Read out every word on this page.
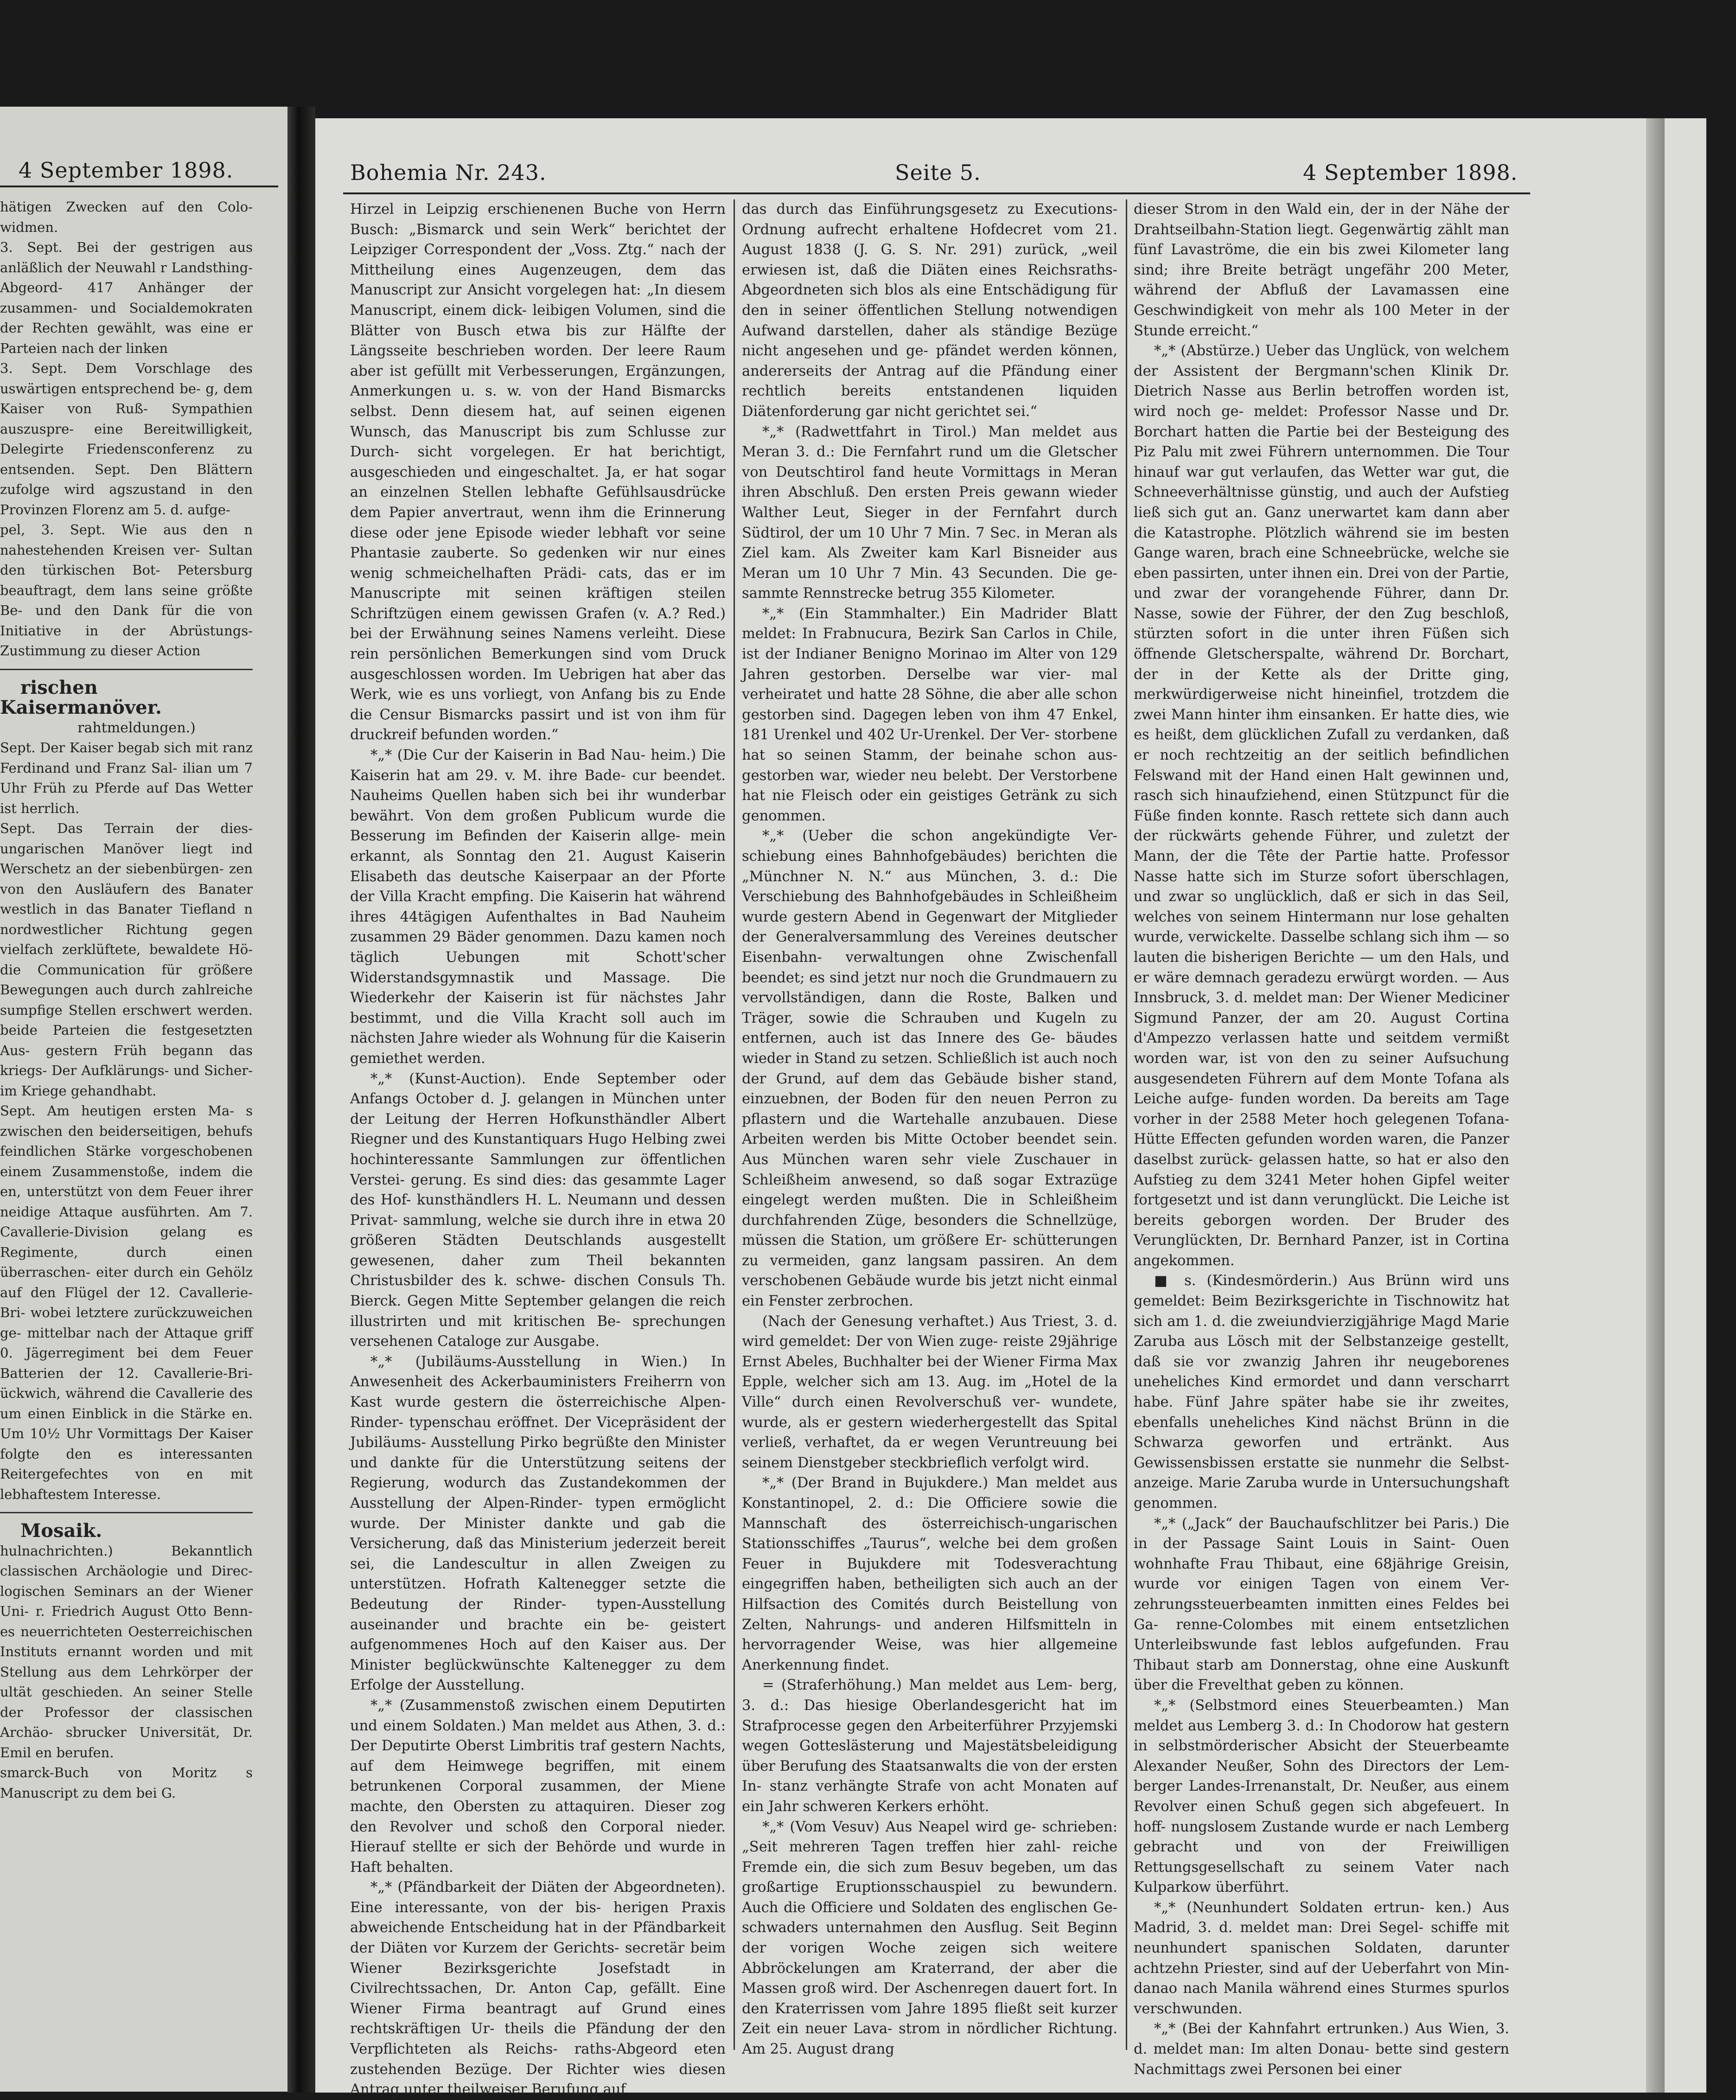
4 September 1898.

hätigen Zwecken auf den Colo- widmen.

3. Sept. Bei der gestrigen aus anläßlich der Neuwahl r Landsthing-Abgeord- 417 Anhänger der zusammen- und Socialdemokraten der Rechten gewählt, was eine er Parteien nach der linken

3. Sept. Dem Vorschlage des uswärtigen entsprechend be- g, dem Kaiser von Ruß- Sympathien auszuspre- eine Bereitwilligkeit, Delegirte Friedensconferenz zu entsenden. Sept. Den Blättern zufolge wird agszustand in den Provinzen Florenz am 5. d. aufge-

pel, 3. Sept. Wie aus den n nahestehenden Kreisen ver- Sultan den türkischen Bot- Petersburg beauftragt, dem lans seine größte Be- und den Dank für die von Initiative in der Abrüstungs- Zustimmung zu dieser Action

rischen Kaisermanöver.

rahtmeldungen.)

Sept. Der Kaiser begab sich mit ranz Ferdinand und Franz Sal- ilian um 7 Uhr Früh zu Pferde auf Das Wetter ist herrlich.

Sept. Das Terrain der dies- ungarischen Manöver liegt ind Werschetz an der siebenbürgen- zen von den Ausläufern des Banater westlich in das Banater Tiefland n nordwestlicher Richtung gegen vielfach zerklüftete, bewaldete Hö- die Communication für größere Bewegungen auch durch zahlreiche sumpfige Stellen erschwert werden. beide Parteien die festgesetzten Aus- gestern Früh begann das kriegs- Der Aufklärungs- und Sicher- im Kriege gehandhabt.

Sept. Am heutigen ersten Ma- s zwischen den beiderseitigen, behufs feindlichen Stärke vorgeschobenen einem Zusammenstoße, indem die en, unterstützt von dem Feuer ihrer neidige Attaque ausführten. Am 7. Cavallerie-Division gelang es Regimente, durch einen überraschen- eiter durch ein Gehölz auf den Flügel der 12. Cavallerie-Bri- wobei letztere zurückzuweichen ge- mittelbar nach der Attaque griff 0. Jägerregiment bei dem Feuer Batterien der 12. Cavallerie-Bri- ückwich, während die Cavallerie des um einen Einblick in die Stärke en. Um 10½ Uhr Vormittags Der Kaiser folgte den es interessanten Reitergefechtes von en mit lebhaftestem Interesse.

Mosaik.

hulnachrichten.) Bekanntlich classischen Archäologie und Direc- logischen Seminars an der Wiener Uni- r. Friedrich August Otto Benn- es neuerrichteten Oesterreichischen Instituts ernannt worden und mit Stellung aus dem Lehrkörper der ultät geschieden. An seiner Stelle der Professor der classischen Archäo- sbrucker Universität, Dr. Emil en berufen.

smarck-Buch von Moritz s Manuscript zu dem bei G.

Bohemia Nr. 243.	Seite 5.	4 September 1898.

Hirzel in Leipzig erschienenen Buche von Herrn Busch: „Bismarck und sein Werk“ berichtet der Leipziger Correspondent der „Voss. Ztg.“ nach der Mittheilung eines Augenzeugen, dem das Manuscript zur Ansicht vorgelegen hat: „In diesem Manuscript, einem dick- leibigen Volumen, sind die Blätter von Busch etwa bis zur Hälfte der Längsseite beschrieben worden. Der leere Raum aber ist gefüllt mit Verbesserungen, Ergänzungen, Anmerkungen u. s. w. von der Hand Bismarcks selbst. Denn diesem hat, auf seinen eigenen Wunsch, das Manuscript bis zum Schlusse zur Durch- sicht vorgelegen. Er hat berichtigt, ausgeschieden und eingeschaltet. Ja, er hat sogar an einzelnen Stellen lebhafte Gefühlsausdrücke dem Papier anvertraut, wenn ihm die Erinnerung diese oder jene Episode wieder lebhaft vor seine Phantasie zauberte. So gedenken wir nur eines wenig schmeichelhaften Prädi- cats, das er im Manuscripte mit seinen kräftigen steilen Schriftzügen einem gewissen Grafen (v. A.? Red.) bei der Erwähnung seines Namens verleiht. Diese rein persönlichen Bemerkungen sind vom Druck ausgeschlossen worden. Im Uebrigen hat aber das Werk, wie es uns vorliegt, von Anfang bis zu Ende die Censur Bismarcks passirt und ist von ihm für druckreif befunden worden.“

*„* (Die Cur der Kaiserin in Bad Nau- heim.) Die Kaiserin hat am 29. v. M. ihre Bade- cur beendet. Nauheims Quellen haben sich bei ihr wunderbar bewährt. Von dem großen Publicum wurde die Besserung im Befinden der Kaiserin allge- mein erkannt, als Sonntag den 21. August Kaiserin Elisabeth das deutsche Kaiserpaar an der Pforte der Villa Kracht empfing. Die Kaiserin hat während ihres 44tägigen Aufenthaltes in Bad Nauheim zusammen 29 Bäder genommen. Dazu kamen noch täglich Uebungen mit Schott'scher Widerstandsgymnastik und Massage. Die Wiederkehr der Kaiserin ist für nächstes Jahr bestimmt, und die Villa Kracht soll auch im nächsten Jahre wieder als Wohnung für die Kaiserin gemiethet werden.

*„* (Kunst-Auction). Ende September oder Anfangs October d. J. gelangen in München unter der Leitung der Herren Hofkunsthändler Albert Riegner und des Kunstantiquars Hugo Helbing zwei hochinteressante Sammlungen zur öffentlichen Verstei- gerung. Es sind dies: das gesammte Lager des Hof- kunsthändlers H. L. Neumann und dessen Privat- sammlung, welche sie durch ihre in etwa 20 größeren Städten Deutschlands ausgestellt gewesenen, daher zum Theil bekannten Christusbilder des k. schwe- dischen Consuls Th. Bierck. Gegen Mitte September gelangen die reich illustrirten und mit kritischen Be- sprechungen versehenen Cataloge zur Ausgabe.

*„* (Jubiläums-Ausstellung in Wien.) In Anwesenheit des Ackerbauministers Freiherrn von Kast wurde gestern die österreichische Alpen-Rinder- typenschau eröffnet. Der Vicepräsident der Jubiläums- Ausstellung Pirko begrüßte den Minister und dankte für die Unterstützung seitens der Regierung, wodurch das Zustandekommen der Ausstellung der Alpen-Rinder- typen ermöglicht wurde. Der Minister dankte und gab die Versicherung, daß das Ministerium jederzeit bereit sei, die Landescultur in allen Zweigen zu unterstützen. Hofrath Kaltenegger setzte die Bedeutung der Rinder- typen-Ausstellung auseinander und brachte ein be- geistert aufgenommenes Hoch auf den Kaiser aus. Der Minister beglückwünschte Kaltenegger zu dem Erfolge der Ausstellung.

*„* (Zusammenstoß zwischen einem Deputirten und einem Soldaten.) Man meldet aus Athen, 3. d.: Der Deputirte Oberst Limbritis traf gestern Nachts, auf dem Heimwege begriffen, mit einem betrunkenen Corporal zusammen, der Miene machte, den Obersten zu attaquiren. Dieser zog den Revolver und schoß den Corporal nieder. Hierauf stellte er sich der Behörde und wurde in Haft behalten.

*„* (Pfändbarkeit der Diäten der Abgeordneten). Eine interessante, von der bis- herigen Praxis abweichende Entscheidung hat in der Pfändbarkeit der Diäten vor Kurzem der Gerichts- secretär beim Wiener Bezirksgerichte Josefstadt in Civilrechtssachen, Dr. Anton Cap, gefällt. Eine Wiener Firma beantragt auf Grund eines rechtskräftigen Ur- theils die Pfändung der den Verpflichteten als Reichs- raths-Abgeord eten zustehenden Bezüge. Der Richter wies diesen Antrag unter theilweiser Berufung auf

das durch das Einführungsgesetz zu Executions- Ordnung aufrecht erhaltene Hofdecret vom 21. August 1838 (J. G. S. Nr. 291) zurück, „weil erwiesen ist, daß die Diäten eines Reichsraths-Abgeordneten sich blos als eine Entschädigung für den in seiner öffentlichen Stellung notwendigen Aufwand darstellen, daher als ständige Bezüge nicht angesehen und ge- pfändet werden können, andererseits der Antrag auf die Pfändung einer rechtlich bereits entstandenen liquiden Diätenforderung gar nicht gerichtet sei.“

*„* (Radwettfahrt in Tirol.) Man meldet aus Meran 3. d.: Die Fernfahrt rund um die Gletscher von Deutschtirol fand heute Vormittags in Meran ihren Abschluß. Den ersten Preis gewann wieder Walther Leut, Sieger in der Fernfahrt durch Südtirol, der um 10 Uhr 7 Min. 7 Sec. in Meran als Ziel kam. Als Zweiter kam Karl Bisneider aus Meran um 10 Uhr 7 Min. 43 Secunden. Die ge- sammte Rennstrecke betrug 355 Kilometer.

*„* (Ein Stammhalter.) Ein Madrider Blatt meldet: In Frabnucura, Bezirk San Carlos in Chile, ist der Indianer Benigno Morinao im Alter von 129 Jahren gestorben. Derselbe war vier- mal verheiratet und hatte 28 Söhne, die aber alle schon gestorben sind. Dagegen leben von ihm 47 Enkel, 181 Urenkel und 402 Ur-Urenkel. Der Ver- storbene hat so seinen Stamm, der beinahe schon aus- gestorben war, wieder neu belebt. Der Verstorbene hat nie Fleisch oder ein geistiges Getränk zu sich genommen.

*„* (Ueber die schon angekündigte Ver- schiebung eines Bahnhofgebäudes) berichten die „Münchner N. N.“ aus München, 3. d.: Die Verschiebung des Bahnhofgebäudes in Schleißheim wurde gestern Abend in Gegenwart der Mitglieder der Generalversammlung des Vereines deutscher Eisenbahn- verwaltungen ohne Zwischenfall beendet; es sind jetzt nur noch die Grundmauern zu vervollständigen, dann die Roste, Balken und Träger, sowie die Schrauben und Kugeln zu entfernen, auch ist das Innere des Ge- bäudes wieder in Stand zu setzen. Schließlich ist auch noch der Grund, auf dem das Gebäude bisher stand, einzuebnen, der Boden für den neuen Perron zu pflastern und die Wartehalle anzubauen. Diese Arbeiten werden bis Mitte October beendet sein. Aus München waren sehr viele Zuschauer in Schleißheim anwesend, so daß sogar Extrazüge eingelegt werden mußten. Die in Schleißheim durchfahrenden Züge, besonders die Schnellzüge, müssen die Station, um größere Er- schütterungen zu vermeiden, ganz langsam passiren. An dem verschobenen Gebäude wurde bis jetzt nicht einmal ein Fenster zerbrochen.

(Nach der Genesung verhaftet.) Aus Triest, 3. d. wird gemeldet: Der von Wien zuge- reiste 29jährige Ernst Abeles, Buchhalter bei der Wiener Firma Max Epple, welcher sich am 13. Aug. im „Hotel de la Ville“ durch einen Revolverschuß ver- wundete, wurde, als er gestern wiederhergestellt das Spital verließ, verhaftet, da er wegen Veruntreuung bei seinem Dienstgeber steckbrieflich verfolgt wird.

*„* (Der Brand in Bujukdere.) Man meldet aus Konstantinopel, 2. d.: Die Officiere sowie die Mannschaft des österreichisch-ungarischen Stationsschiffes „Taurus“, welche bei dem großen Feuer in Bujukdere mit Todesverachtung eingegriffen haben, betheiligten sich auch an der Hilfsaction des Comités durch Beistellung von Zelten, Nahrungs- und anderen Hilfsmitteln in hervorragender Weise, was hier allgemeine Anerkennung findet.

= (Straferhöhung.) Man meldet aus Lem- berg, 3. d.: Das hiesige Oberlandesgericht hat im Strafprocesse gegen den Arbeiterführer Przyjemski wegen Gotteslästerung und Majestätsbeleidigung über Berufung des Staatsanwalts die von der ersten In- stanz verhängte Strafe von acht Monaten auf ein Jahr schweren Kerkers erhöht.

*„* (Vom Vesuv) Aus Neapel wird ge- schrieben: „Seit mehreren Tagen treffen hier zahl- reiche Fremde ein, die sich zum Besuv begeben, um das großartige Eruptionsschauspiel zu bewundern. Auch die Officiere und Soldaten des englischen Ge- schwaders unternahmen den Ausflug. Seit Beginn der vorigen Woche zeigen sich weitere Abbröckelungen am Kraterrand, der aber die Massen groß wird. Der Aschenregen dauert fort. In den Kraterrissen vom Jahre 1895 fließt seit kurzer Zeit ein neuer Lava- strom in nördlicher Richtung. Am 25. August drang

dieser Strom in den Wald ein, der in der Nähe der Drahtseilbahn-Station liegt. Gegenwärtig zählt man fünf Lavaströme, die ein bis zwei Kilometer lang sind; ihre Breite beträgt ungefähr 200 Meter, während der Abfluß der Lavamassen eine Geschwindigkeit von mehr als 100 Meter in der Stunde erreicht.“

*„* (Abstürze.) Ueber das Unglück, von welchem der Assistent der Bergmann'schen Klinik Dr. Dietrich Nasse aus Berlin betroffen worden ist, wird noch ge- meldet: Professor Nasse und Dr. Borchart hatten die Partie bei der Besteigung des Piz Palu mit zwei Führern unternommen. Die Tour hinauf war gut verlaufen, das Wetter war gut, die Schneeverhältnisse günstig, und auch der Aufstieg ließ sich gut an. Ganz unerwartet kam dann aber die Katastrophe. Plötzlich während sie im besten Gange waren, brach eine Schneebrücke, welche sie eben passirten, unter ihnen ein. Drei von der Partie, und zwar der vorangehende Führer, dann Dr. Nasse, sowie der Führer, der den Zug beschloß, stürzten sofort in die unter ihren Füßen sich öffnende Gletscherspalte, während Dr. Borchart, der in der Kette als der Dritte ging, merkwürdigerweise nicht hineinfiel, trotzdem die zwei Mann hinter ihm einsanken. Er hatte dies, wie es heißt, dem glücklichen Zufall zu verdanken, daß er noch rechtzeitig an der seitlich befindlichen Felswand mit der Hand einen Halt gewinnen und, rasch sich hinaufziehend, einen Stützpunct für die Füße finden konnte. Rasch rettete sich dann auch der rückwärts gehende Führer, und zuletzt der Mann, der die Tête der Partie hatte. Professor Nasse hatte sich im Sturze sofort überschlagen, und zwar so unglücklich, daß er sich in das Seil, welches von seinem Hintermann nur lose gehalten wurde, verwickelte. Dasselbe schlang sich ihm — so lauten die bisherigen Berichte — um den Hals, und er wäre demnach geradezu erwürgt worden. — Aus Innsbruck, 3. d. meldet man: Der Wiener Mediciner Sigmund Panzer, der am 20. August Cortina d'Ampezzo verlassen hatte und seitdem vermißt worden war, ist von den zu seiner Aufsuchung ausgesendeten Führern auf dem Monte Tofana als Leiche aufge- funden worden. Da bereits am Tage vorher in der 2588 Meter hoch gelegenen Tofana-Hütte Effecten gefunden worden waren, die Panzer daselbst zurück- gelassen hatte, so hat er also den Aufstieg zu dem 3241 Meter hohen Gipfel weiter fortgesetzt und ist dann verunglückt. Die Leiche ist bereits geborgen worden. Der Bruder des Verunglückten, Dr. Bernhard Panzer, ist in Cortina angekommen.

■ s. (Kindesmörderin.) Aus Brünn wird uns gemeldet: Beim Bezirksgerichte in Tischnowitz hat sich am 1. d. die zweiundvierzigjährige Magd Marie Zaruba aus Lösch mit der Selbstanzeige gestellt, daß sie vor zwanzig Jahren ihr neugeborenes uneheliches Kind ermordet und dann verscharrt habe. Fünf Jahre später habe sie ihr zweites, ebenfalls uneheliches Kind nächst Brünn in die Schwarza geworfen und ertränkt. Aus Gewissensbissen erstatte sie nunmehr die Selbst- anzeige. Marie Zaruba wurde in Untersuchungshaft genommen.

*„* („Jack“ der Bauchaufschlitzer bei Paris.) Die in der Passage Saint Louis in Saint- Ouen wohnhafte Frau Thibaut, eine 68jährige Greisin, wurde vor einigen Tagen von einem Ver- zehrungssteuerbeamten inmitten eines Feldes bei Ga- renne-Colombes mit einem entsetzlichen Unterleibswunde fast leblos aufgefunden. Frau Thibaut starb am Donnerstag, ohne eine Auskunft über die Frevelthat geben zu können.

*„* (Selbstmord eines Steuerbeamten.) Man meldet aus Lemberg 3. d.: In Chodorow hat gestern in selbstmörderischer Absicht der Steuerbeamte Alexander Neußer, Sohn des Directors der Lem- berger Landes-Irrenanstalt, Dr. Neußer, aus einem Revolver einen Schuß gegen sich abgefeuert. In hoff- nungslosem Zustande wurde er nach Lemberg gebracht und von der Freiwilligen Rettungsgesellschaft zu seinem Vater nach Kulparkow überführt.

*„* (Neunhundert Soldaten ertrun- ken.) Aus Madrid, 3. d. meldet man: Drei Segel- schiffe mit neunhundert spanischen Soldaten, darunter achtzehn Priester, sind auf der Ueberfahrt von Min- danao nach Manila während eines Sturmes spurlos verschwunden.

*„* (Bei der Kahnfahrt ertrunken.) Aus Wien, 3. d. meldet man: Im alten Donau- bette sind gestern Nachmittags zwei Personen bei einer
